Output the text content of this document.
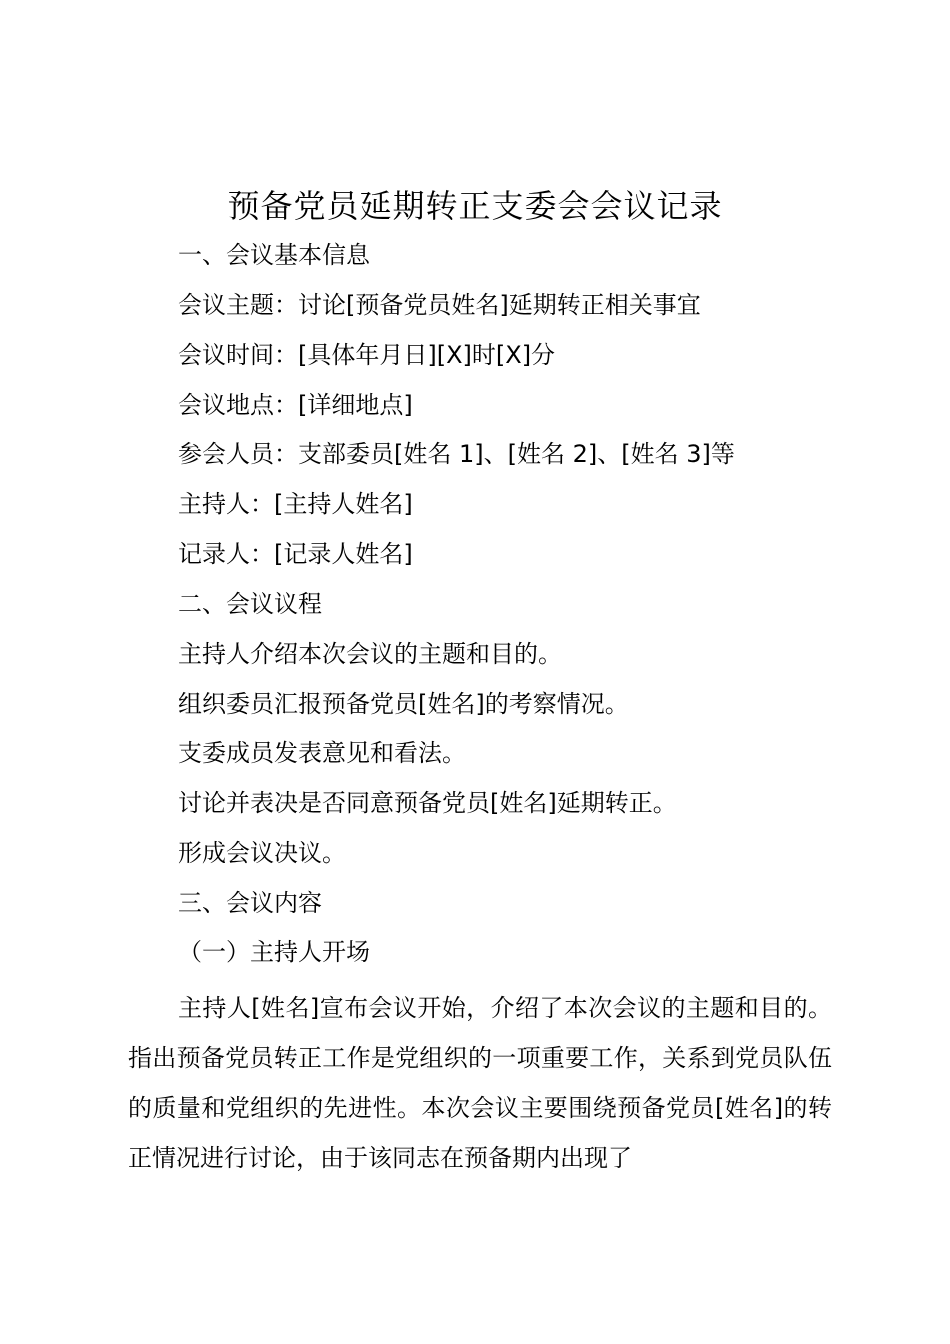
预备党员延期转正支委会会议记录
一、会议基本信息
会议主题：讨论[预备党员姓名]延期转正相关事宜
会议时间：[具体年月日][X]时[X]分
会议地点：[详细地点]
参会人员：支部委员[姓名 1]、[姓名 2]、[姓名 3]等
主持人：[主持人姓名]
记录人：[记录人姓名]
二、会议议程
主持人介绍本次会议的主题和目的。
组织委员汇报预备党员[姓名]的考察情况。
支委成员发表意见和看法。
讨论并表决是否同意预备党员[姓名]延期转正。
形成会议决议。
三、会议内容
（一）主持人开场
主持人[姓名]宣布会议开始，介绍了本次会议的主题和目的。指出预备党员转正工作是党组织的一项重要工作，关系到党员队伍的质量和党组织的先进性。本次会议主要围绕预备党员[姓名]的转正情况进行讨论，由于该同志在预备期内出现了
